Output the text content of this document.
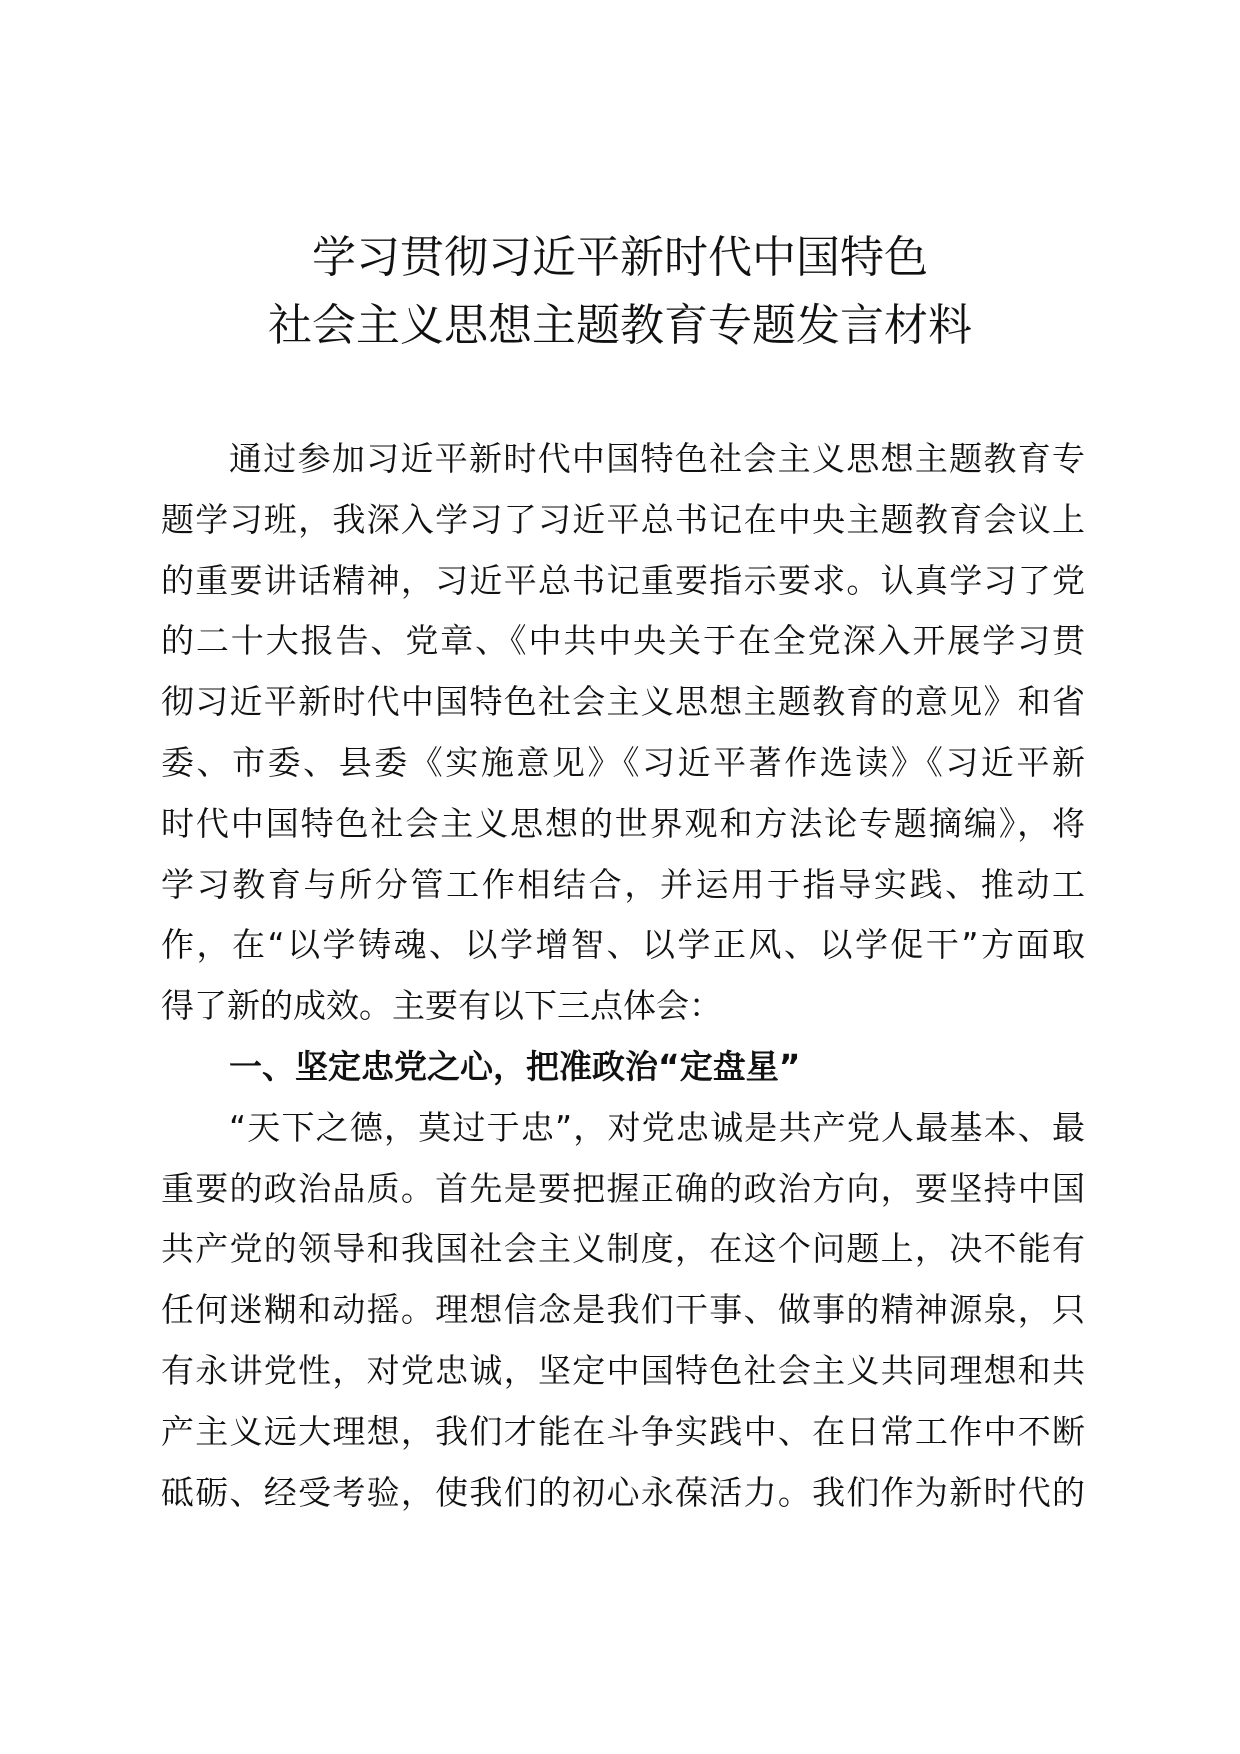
学习贯彻习近平新时代中国特色
社会主义思想主题教育专题发言材料
通过参加习近平新时代中国特色社会主义思想主题教育专
题学习班，我深入学习了习近平总书记在中央主题教育会议上
的重要讲话精神，习近平总书记重要指示要求。认真学习了党
的二十大报告、党章、《中共中央关于在全党深入开展学习贯
彻习近平新时代中国特色社会主义思想主题教育的意见》和省
委、市委、县委《实施意见》《习近平著作选读》《习近平新
时代中国特色社会主义思想的世界观和方法论专题摘编》，将
学习教育与所分管工作相结合，并运用于指导实践、推动工
作，在“以学铸魂、以学增智、以学正风、以学促干”方面取
得了新的成效。主要有以下三点体会：
一、坚定忠党之心，把准政治“定盘星”
“天下之德，莫过于忠”，对党忠诚是共产党人最基本、最
重要的政治品质。首先是要把握正确的政治方向，要坚持中国
共产党的领导和我国社会主义制度，在这个问题上，决不能有
任何迷糊和动摇。理想信念是我们干事、做事的精神源泉，只
有永讲党性，对党忠诚，坚定中国特色社会主义共同理想和共
产主义远大理想，我们才能在斗争实践中、在日常工作中不断
砥砺、经受考验，使我们的初心永葆活力。我们作为新时代的
